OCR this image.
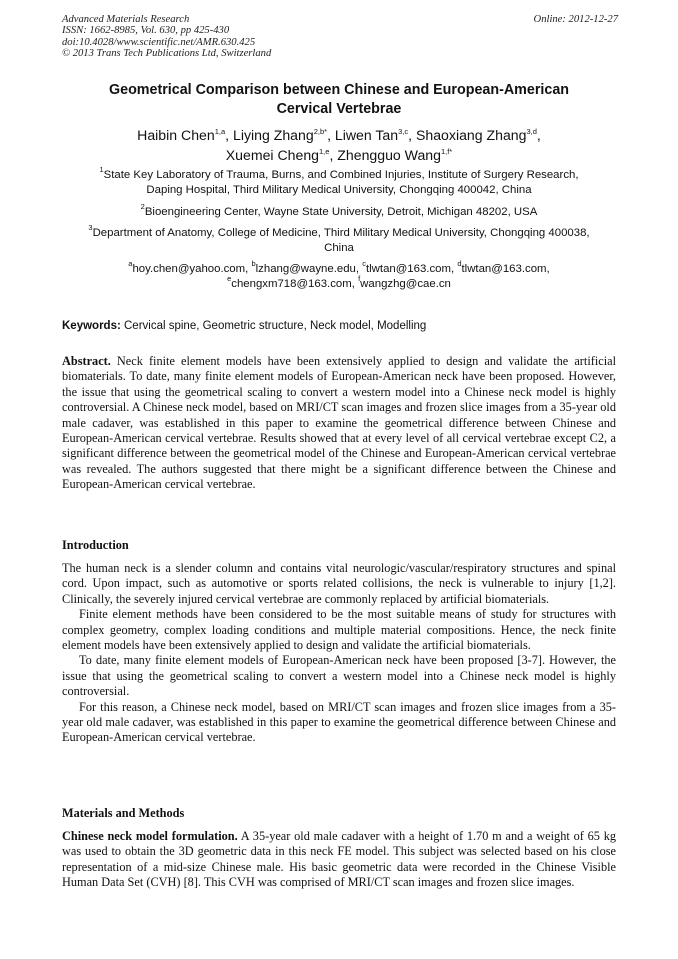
Advanced Materials Research
ISSN: 1662-8985, Vol. 630, pp 425-430
doi:10.4028/www.scientific.net/AMR.630.425
© 2013 Trans Tech Publications Ltd, Switzerland
Online: 2012-12-27
Geometrical Comparison between Chinese and European-American
Cervical Vertebrae
Haibin Chen$^{1,a}$, Liying Zhang$^{2,b*}$, Liwen Tan$^{3,c}$, Shaoxiang Zhang$^{3,d}$,
Xuemei Cheng$^{1,e}$, Zhengguo Wang$^{1,f*}$
$^1$State Key Laboratory of Trauma, Burns, and Combined Injuries, Institute of Surgery Research,
Daping Hospital, Third Military Medical University, Chongqing 400042, China
$^2$Bioengineering Center, Wayne State University, Detroit, Michigan 48202, USA
$^3$Department of Anatomy, College of Medicine, Third Military Medical University, Chongqing 400038,
China
$^a$hoy.chen@yahoo.com, $^b$lzhang@wayne.edu, $^c$tlwtan@163.com, $^d$tlwtan@163.com,
$^e$chengxm718@163.com, $^f$wangzhg@cae.cn
Keywords: Cervical spine, Geometric structure, Neck model, Modelling

Abstract. Neck finite element models have been extensively applied to design and validate the artificial biomaterials. To date, many finite element models of European-American neck have been proposed. However, the issue that using the geometrical scaling to convert a western model into a Chinese neck model is highly controversial. A Chinese neck model, based on MRI/CT scan images and frozen slice images from a 35-year old male cadaver, was established in this paper to examine the geometrical difference between Chinese and European-American cervical vertebrae. Results showed that at every level of all cervical vertebrae except C2, a significant difference between the geometrical model of the Chinese and European-American cervical vertebrae was revealed. The authors suggested that there might be a significant difference between the Chinese and European-American cervical vertebrae.

Introduction

The human neck is a slender column and contains vital neurologic/vascular/respiratory structures and spinal cord. Upon impact, such as automotive or sports related collisions, the neck is vulnerable to injury [1,2]. Clinically, the severely injured cervical vertebrae are commonly replaced by artificial biomaterials.

Finite element methods have been considered to be the most suitable means of study for structures with complex geometry, complex loading conditions and multiple material compositions. Hence, the neck finite element models have been extensively applied to design and validate the artificial biomaterials.

To date, many finite element models of European-American neck have been proposed [3-7]. However, the issue that using the geometrical scaling to convert a western model into a Chinese neck model is highly controversial.

For this reason, a Chinese neck model, based on MRI/CT scan images and frozen slice images from a 35-year old male cadaver, was established in this paper to examine the geometrical difference between Chinese and European-American cervical vertebrae.

Materials and Methods

Chinese neck model formulation. A 35-year old male cadaver with a height of 1.70 m and a weight of 65 kg was used to obtain the 3D geometric data in this neck FE model. This subject was selected based on his close representation of a mid-size Chinese male. His basic geometric data were recorded in the Chinese Visible Human Data Set (CVH) [8]. This CVH was comprised of MRI/CT scan images and frozen slice images.
